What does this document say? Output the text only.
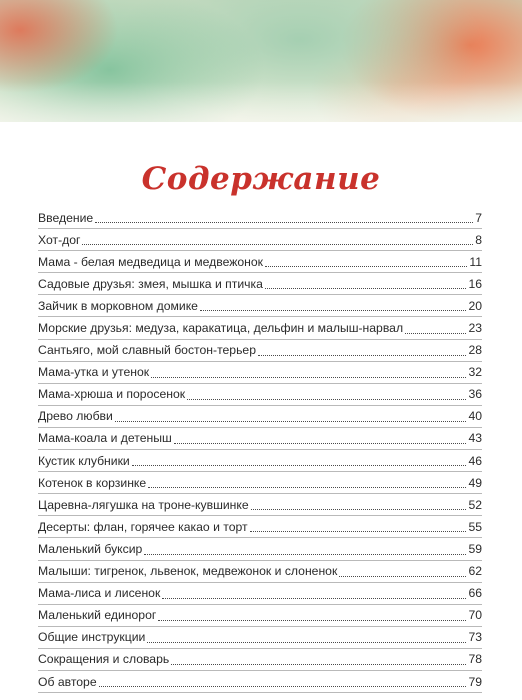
Содержание
Введение	7
Хот-дог	8
Мама - белая медведица и медвежонок	11
Садовые друзья: змея, мышка и птичка	16
Зайчик в морковном домике	20
Морские друзья: медуза, каракатица, дельфин и малыш-нарвал	23
Сантьяго, мой славный бостон-терьер	28
Мама-утка и утенок	32
Мама-хрюша и поросенок	36
Древо любви	40
Мама-коала и детеныш	43
Кустик клубники	46
Котенок в корзинке	49
Царевна-лягушка на троне-кувшинке	52
Десерты: флан, горячее какао и торт	55
Маленький буксир	59
Малыши: тигренок, львенок, медвежонок и слоненок	62
Мама-лиса и лисенок	66
Маленький единорог	70
Общие инструкции	73
Сокращения и словарь	78
Об авторе	79
